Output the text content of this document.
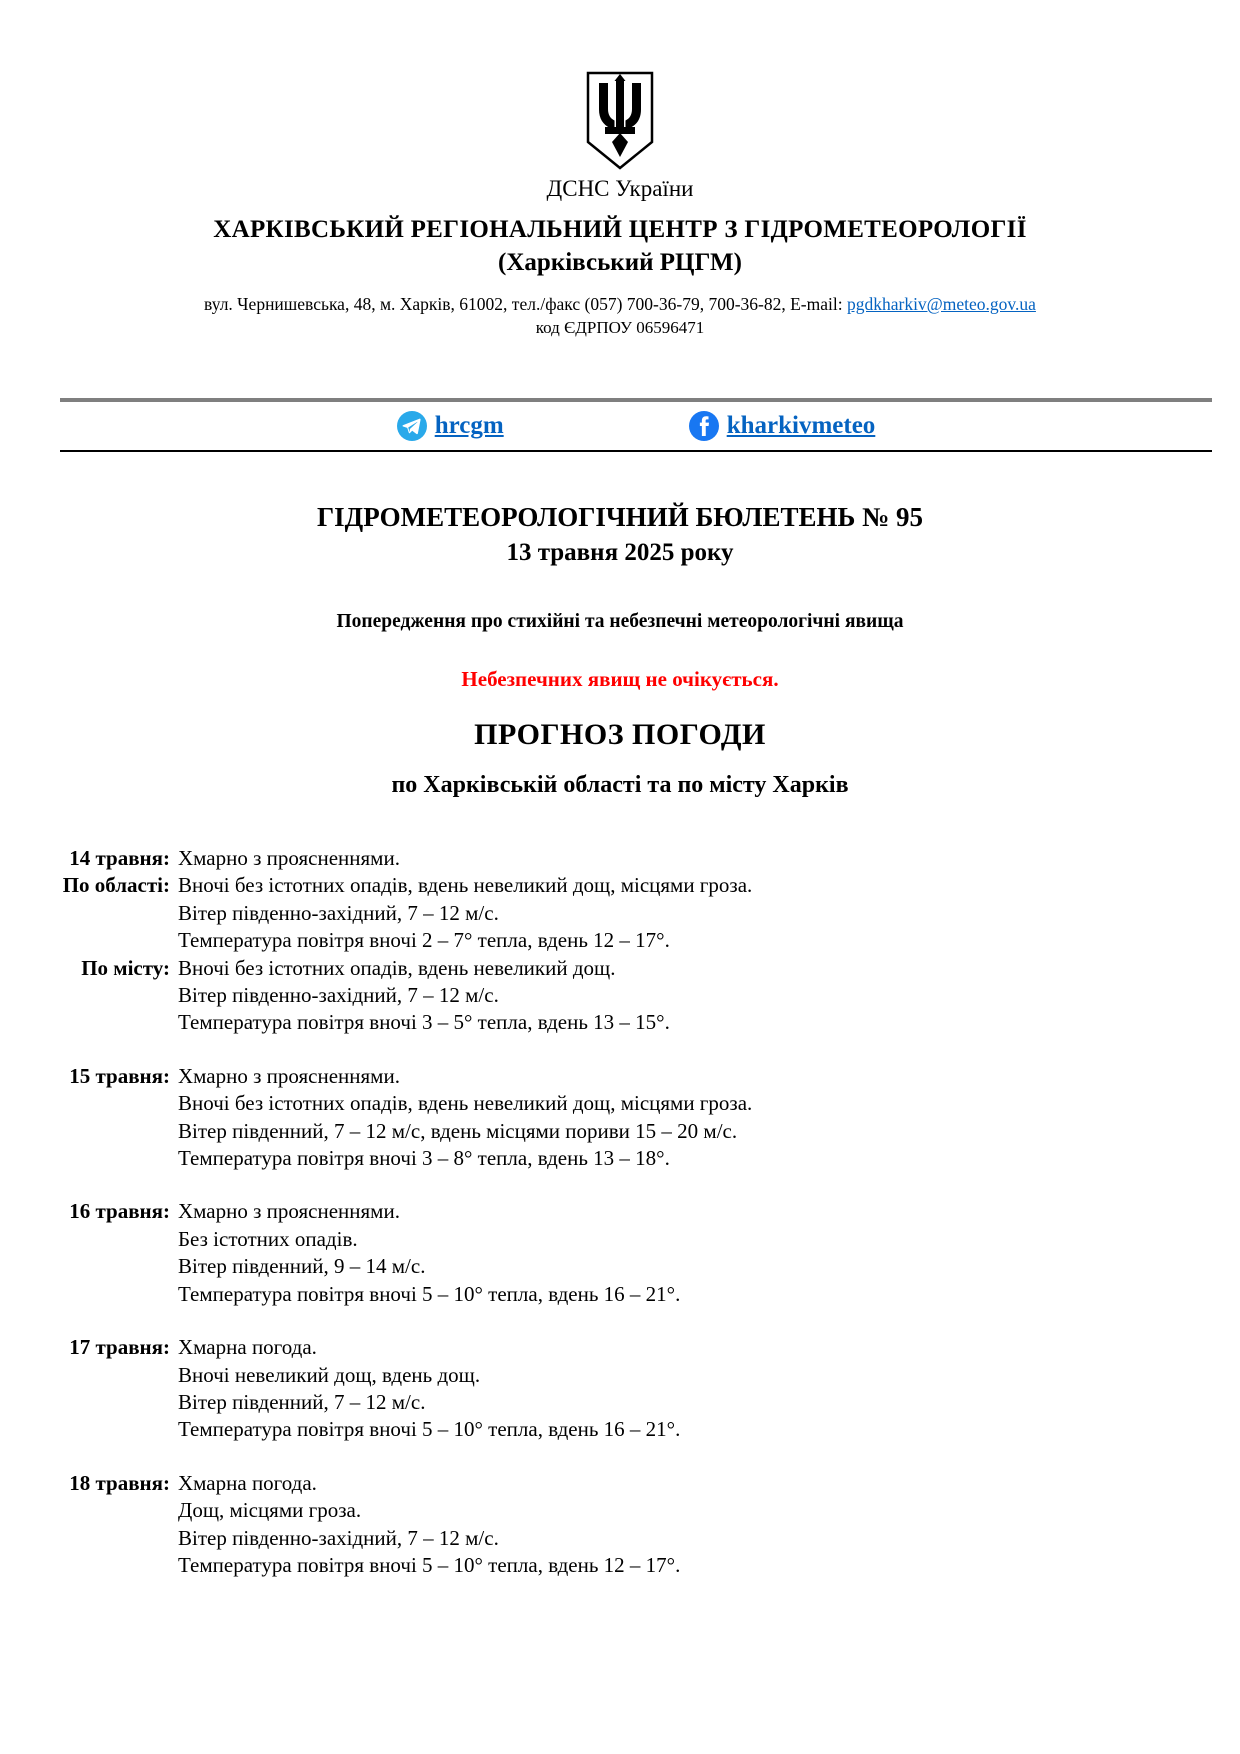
ДСНС України
ХАРКІВСЬКИЙ РЕГІОНАЛЬНИЙ ЦЕНТР З ГІДРОМЕТЕОРОЛОГІЇ
(Харківський РЦГМ)
вул. Чернишевська, 48, м. Харків, 61002, тел./факс (057) 700-36-79, 700-36-82, E-mail: pgdkharkiv@meteo.gov.ua
код ЄДРПОУ 06596471
hrcgm	kharkivmeteo
ГІДРОМЕТЕОРОЛОГІЧНИЙ БЮЛЕТЕНЬ № 95
13 травня 2025 року
Попередження про стихійні та небезпечні метеорологічні явища
Небезпечних явищ не очікується.
ПРОГНОЗ ПОГОДИ
по Харківській області та по місту Харків
14 травня: Хмарно з проясненнями.
По області: Вночі без істотних опадів, вдень невеликий дощ, місцями гроза.
Вітер південно-західний, 7 – 12 м/с.
Температура повітря вночі 2 – 7° тепла, вдень 12 – 17°.
По місту: Вночі без істотних опадів, вдень невеликий дощ.
Вітер південно-західний, 7 – 12 м/с.
Температура повітря вночі 3 – 5° тепла, вдень 13 – 15°.
15 травня: Хмарно з проясненнями.
Вночі без істотних опадів, вдень невеликий дощ, місцями гроза.
Вітер південний, 7 – 12 м/с, вдень місцями пориви 15 – 20 м/с.
Температура повітря вночі 3 – 8° тепла, вдень 13 – 18°.
16 травня: Хмарно з проясненнями.
Без істотних опадів.
Вітер південний, 9 – 14 м/с.
Температура повітря вночі 5 – 10° тепла, вдень 16 – 21°.
17 травня: Хмарна погода.
Вночі невеликий дощ, вдень дощ.
Вітер південний, 7 – 12 м/с.
Температура повітря вночі 5 – 10° тепла, вдень 16 – 21°.
18 травня: Хмарна погода.
Дощ, місцями гроза.
Вітер південно-західний, 7 – 12 м/с.
Температура повітря вночі 5 – 10° тепла, вдень 12 – 17°.
